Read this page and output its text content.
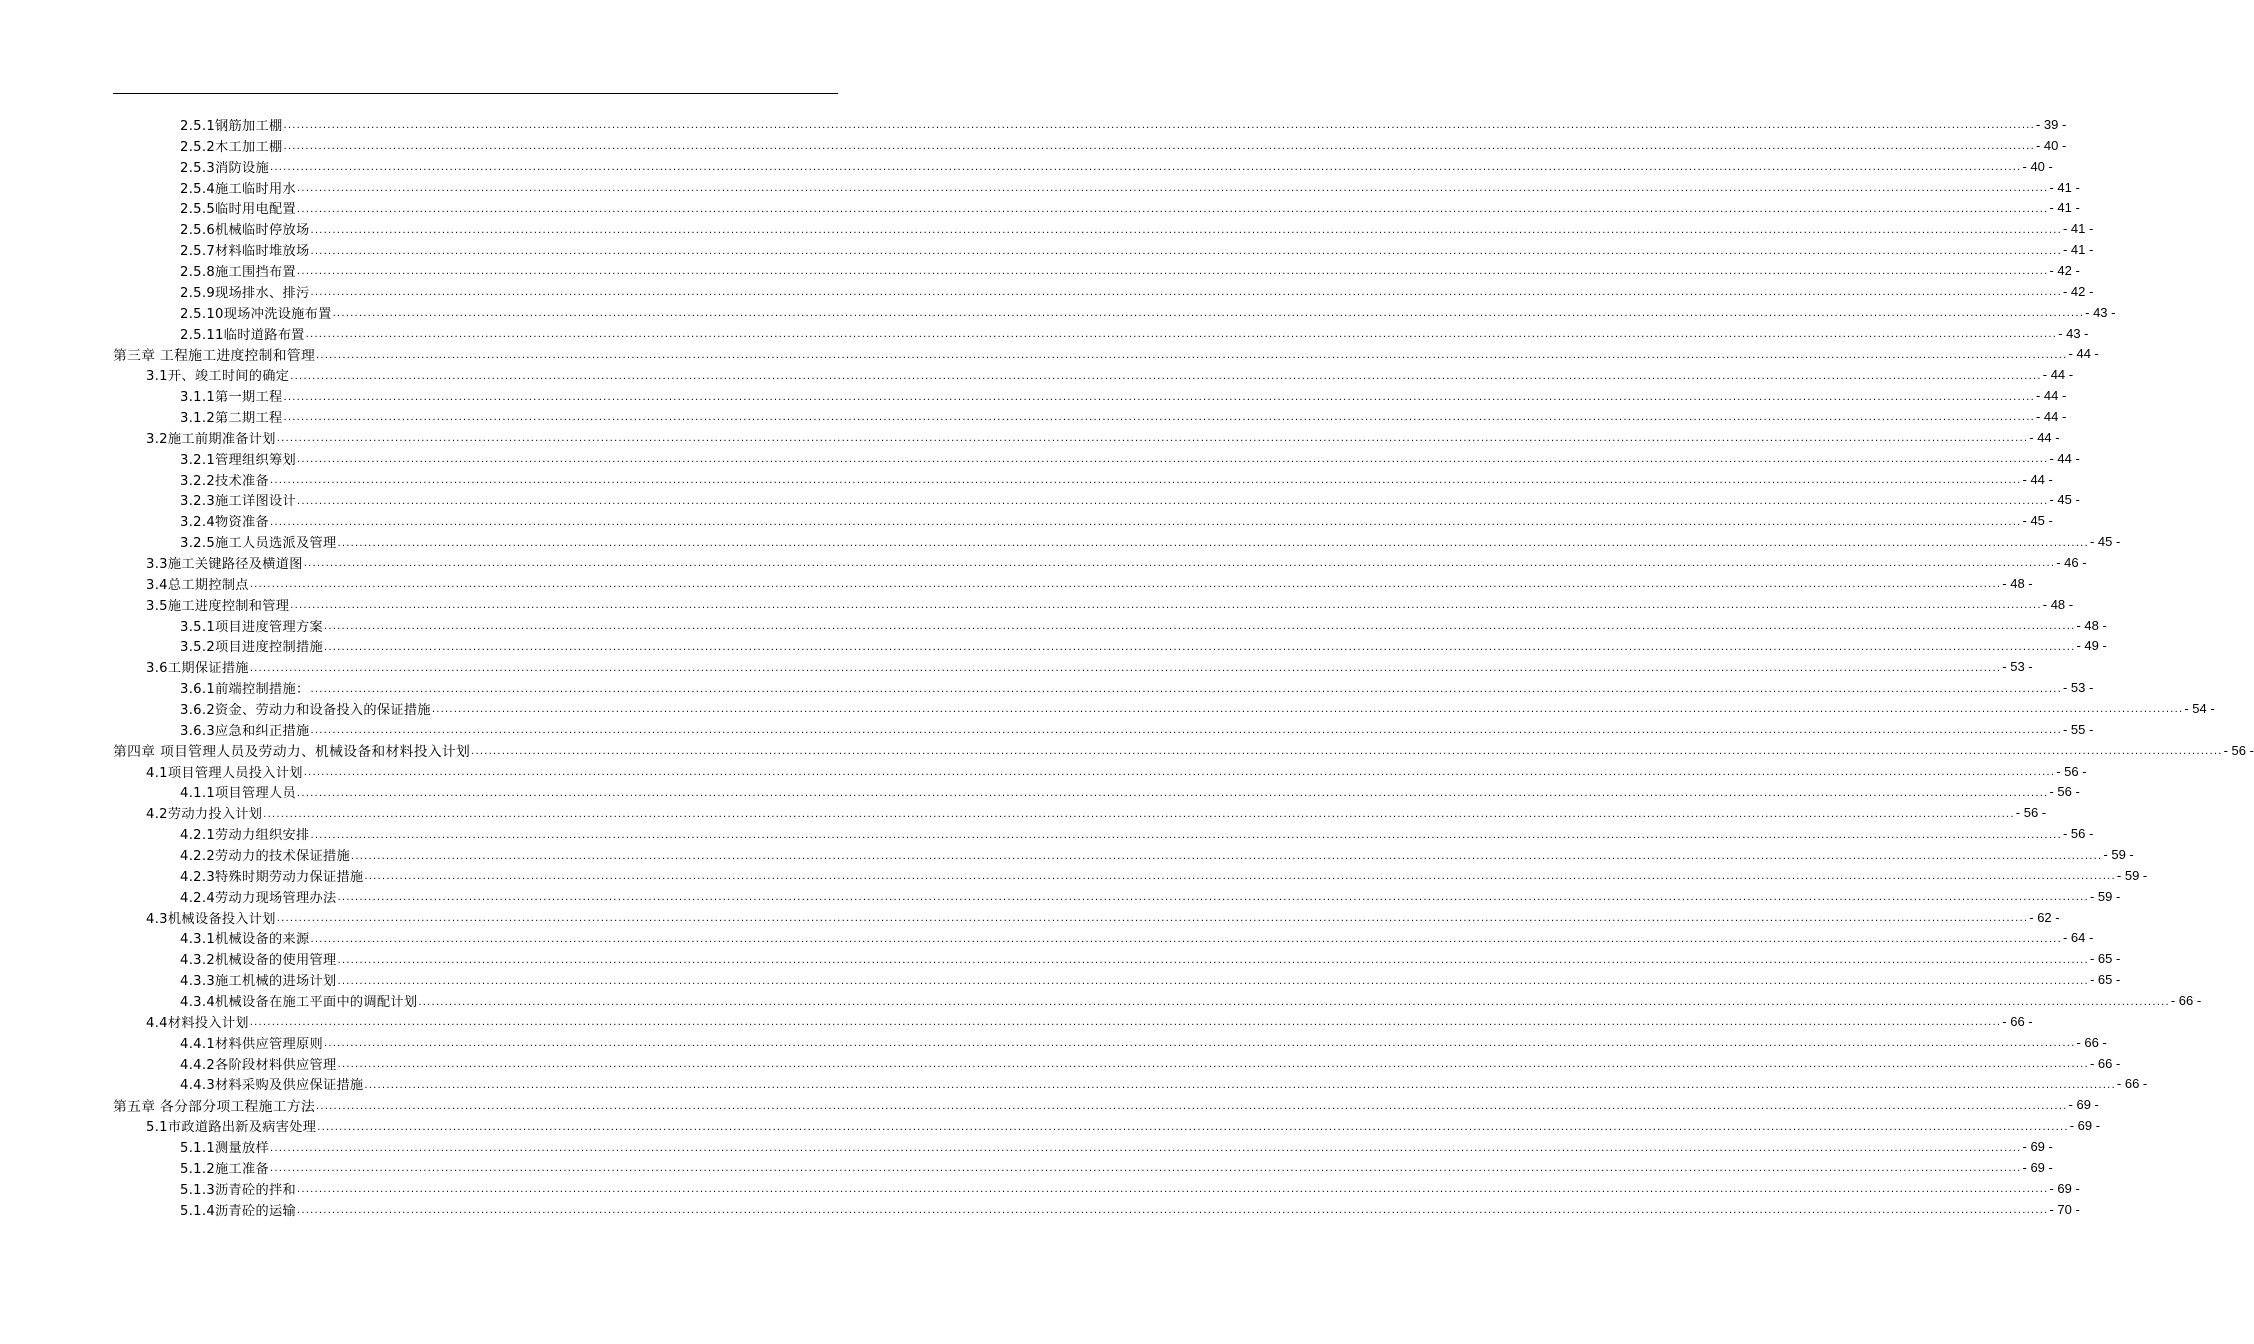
2.5.1钢筋加工棚 ................................................................................................................................................................................................................................................................................................................................................................................................................ - 39 -
2.5.2木工加工棚 ................................................................................................................................................................................................................................................................................................................................................................................................................ - 40 -
2.5.3消防设施 ................................................................................................................................................................................................................................................................................................................................................................................................................ - 40 -
2.5.4施工临时用水 ................................................................................................................................................................................................................................................................................................................................................................................................................ - 41 -
2.5.5临时用电配置 ................................................................................................................................................................................................................................................................................................................................................................................................................ - 41 -
2.5.6机械临时停放场 ................................................................................................................................................................................................................................................................................................................................................................................................................ - 41 -
2.5.7材料临时堆放场 ................................................................................................................................................................................................................................................................................................................................................................................................................ - 41 -
2.5.8施工围挡布置 ................................................................................................................................................................................................................................................................................................................................................................................................................ - 42 -
2.5.9现场排水、排污 ................................................................................................................................................................................................................................................................................................................................................................................................................ - 42 -
2.5.10现场冲洗设施布置 ................................................................................................................................................................................................................................................................................................................................................................................................................ - 43 -
2.5.11临时道路布置 ................................................................................................................................................................................................................................................................................................................................................................................................................ - 43 -
第三章 工程施工进度控制和管理 ................................................................................................................................................................................................................................................................................................................................................................................................................ - 44 -
3.1开、竣工时间的确定 ................................................................................................................................................................................................................................................................................................................................................................................................................ - 44 -
3.1.1第一期工程 ................................................................................................................................................................................................................................................................................................................................................................................................................ - 44 -
3.1.2第二期工程 ................................................................................................................................................................................................................................................................................................................................................................................................................ - 44 -
3.2施工前期准备计划 ................................................................................................................................................................................................................................................................................................................................................................................................................ - 44 -
3.2.1管理组织筹划 ................................................................................................................................................................................................................................................................................................................................................................................................................ - 44 -
3.2.2技术准备 ................................................................................................................................................................................................................................................................................................................................................................................................................ - 44 -
3.2.3施工详图设计 ................................................................................................................................................................................................................................................................................................................................................................................................................ - 45 -
3.2.4物资准备 ................................................................................................................................................................................................................................................................................................................................................................................................................ - 45 -
3.2.5施工人员选派及管理 ................................................................................................................................................................................................................................................................................................................................................................................................................ - 45 -
3.3施工关键路径及横道图 ................................................................................................................................................................................................................................................................................................................................................................................................................ - 46 -
3.4总工期控制点 ................................................................................................................................................................................................................................................................................................................................................................................................................ - 48 -
3.5施工进度控制和管理 ................................................................................................................................................................................................................................................................................................................................................................................................................ - 48 -
3.5.1项目进度管理方案 ................................................................................................................................................................................................................................................................................................................................................................................................................ - 48 -
3.5.2项目进度控制措施 ................................................................................................................................................................................................................................................................................................................................................................................................................ - 49 -
3.6工期保证措施 ................................................................................................................................................................................................................................................................................................................................................................................................................ - 53 -
3.6.1前端控制措施： ................................................................................................................................................................................................................................................................................................................................................................................................................ - 53 -
3.6.2资金、劳动力和设备投入的保证措施 ................................................................................................................................................................................................................................................................................................................................................................................................................ - 54 -
3.6.3应急和纠正措施 ................................................................................................................................................................................................................................................................................................................................................................................................................ - 55 -
第四章 项目管理人员及劳动力、机械设备和材料投入计划 ................................................................................................................................................................................................................................................................................................................................................................................................................ - 56 -
4.1项目管理人员投入计划 ................................................................................................................................................................................................................................................................................................................................................................................................................ - 56 -
4.1.1项目管理人员 ................................................................................................................................................................................................................................................................................................................................................................................................................ - 56 -
4.2劳动力投入计划 ................................................................................................................................................................................................................................................................................................................................................................................................................ - 56 -
4.2.1劳动力组织安排 ................................................................................................................................................................................................................................................................................................................................................................................................................ - 56 -
4.2.2劳动力的技术保证措施 ................................................................................................................................................................................................................................................................................................................................................................................................................ - 59 -
4.2.3特殊时期劳动力保证措施 ................................................................................................................................................................................................................................................................................................................................................................................................................ - 59 -
4.2.4劳动力现场管理办法 ................................................................................................................................................................................................................................................................................................................................................................................................................ - 59 -
4.3机械设备投入计划 ................................................................................................................................................................................................................................................................................................................................................................................................................ - 62 -
4.3.1机械设备的来源 ................................................................................................................................................................................................................................................................................................................................................................................................................ - 64 -
4.3.2机械设备的使用管理 ................................................................................................................................................................................................................................................................................................................................................................................................................ - 65 -
4.3.3施工机械的进场计划 ................................................................................................................................................................................................................................................................................................................................................................................................................ - 65 -
4.3.4机械设备在施工平面中的调配计划 ................................................................................................................................................................................................................................................................................................................................................................................................................ - 66 -
4.4材料投入计划 ................................................................................................................................................................................................................................................................................................................................................................................................................ - 66 -
4.4.1材料供应管理原则 ................................................................................................................................................................................................................................................................................................................................................................................................................ - 66 -
4.4.2各阶段材料供应管理 ................................................................................................................................................................................................................................................................................................................................................................................................................ - 66 -
4.4.3材料采购及供应保证措施 ................................................................................................................................................................................................................................................................................................................................................................................................................ - 66 -
第五章 各分部分项工程施工方法 ................................................................................................................................................................................................................................................................................................................................................................................................................ - 69 -
5.1市政道路出新及病害处理 ................................................................................................................................................................................................................................................................................................................................................................................................................ - 69 -
5.1.1测量放样 ................................................................................................................................................................................................................................................................................................................................................................................................................ - 69 -
5.1.2施工准备 ................................................................................................................................................................................................................................................................................................................................................................................................................ - 69 -
5.1.3沥青砼的拌和 ................................................................................................................................................................................................................................................................................................................................................................................................................ - 69 -
5.1.4沥青砼的运输 ................................................................................................................................................................................................................................................................................................................................................................................................................ - 70 -
